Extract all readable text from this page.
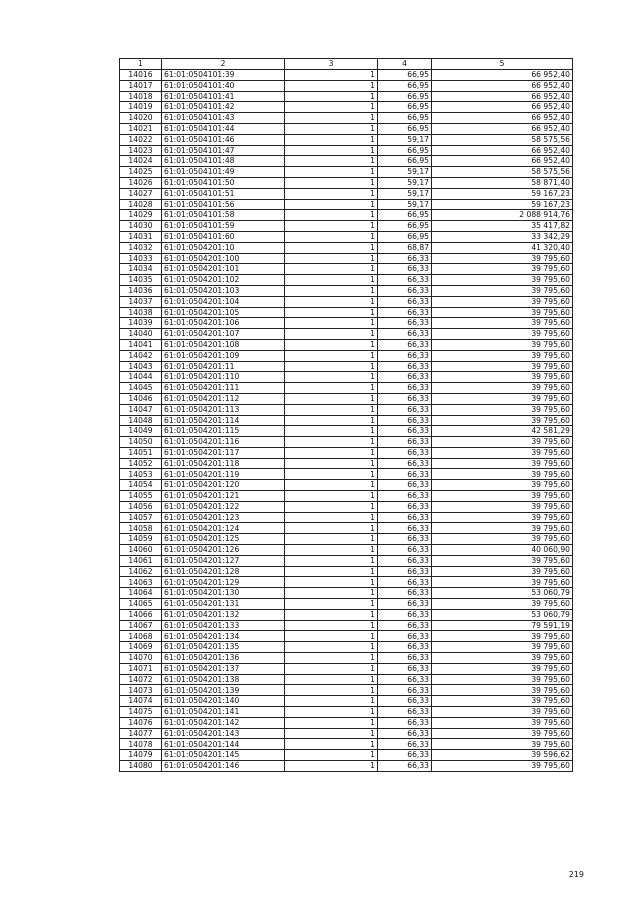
1	2	3	4	5
14016	61:01:0504101:39	1	66,95	66 952,40
14017	61:01:0504101:40	1	66,95	66 952,40
14018	61:01:0504101:41	1	66,95	66 952,40
14019	61:01:0504101:42	1	66,95	66 952,40
14020	61:01:0504101:43	1	66,95	66 952,40
14021	61:01:0504101:44	1	66,95	66 952,40
14022	61:01:0504101:46	1	59,17	58 575,56
14023	61:01:0504101:47	1	66,95	66 952,40
14024	61:01:0504101:48	1	66,95	66 952,40
14025	61:01:0504101:49	1	59,17	58 575,56
14026	61:01:0504101:50	1	59,17	58 871,40
14027	61:01:0504101:51	1	59,17	59 167,23
14028	61:01:0504101:56	1	59,17	59 167,23
14029	61:01:0504101:58	1	66,95	2 088 914,76
14030	61:01:0504101:59	1	66,95	35 417,82
14031	61:01:0504101:60	1	66,95	33 342,29
14032	61:01:0504201:10	1	68,87	41 320,40
14033	61:01:0504201:100	1	66,33	39 795,60
14034	61:01:0504201:101	1	66,33	39 795,60
14035	61:01:0504201:102	1	66,33	39 795,60
14036	61:01:0504201:103	1	66,33	39 795,60
14037	61:01:0504201:104	1	66,33	39 795,60
14038	61:01:0504201:105	1	66,33	39 795,60
14039	61:01:0504201:106	1	66,33	39 795,60
14040	61:01:0504201:107	1	66,33	39 795,60
14041	61:01:0504201:108	1	66,33	39 795,60
14042	61:01:0504201:109	1	66,33	39 795,60
14043	61:01:0504201:11	1	66,33	39 795,60
14044	61:01:0504201:110	1	66,33	39 795,60
14045	61:01:0504201:111	1	66,33	39 795,60
14046	61:01:0504201:112	1	66,33	39 795,60
14047	61:01:0504201:113	1	66,33	39 795,60
14048	61:01:0504201:114	1	66,33	39 795,60
14049	61:01:0504201:115	1	66,33	42 581,29
14050	61:01:0504201:116	1	66,33	39 795,60
14051	61:01:0504201:117	1	66,33	39 795,60
14052	61:01:0504201:118	1	66,33	39 795,60
14053	61:01:0504201:119	1	66,33	39 795,60
14054	61:01:0504201:120	1	66,33	39 795,60
14055	61:01:0504201:121	1	66,33	39 795,60
14056	61:01:0504201:122	1	66,33	39 795,60
14057	61:01:0504201:123	1	66,33	39 795,60
14058	61:01:0504201:124	1	66,33	39 795,60
14059	61:01:0504201:125	1	66,33	39 795,60
14060	61:01:0504201:126	1	66,33	40 060,90
14061	61:01:0504201:127	1	66,33	39 795,60
14062	61:01:0504201:128	1	66,33	39 795,60
14063	61:01:0504201:129	1	66,33	39 795,60
14064	61:01:0504201:130	1	66,33	53 060,79
14065	61:01:0504201:131	1	66,33	39 795,60
14066	61:01:0504201:132	1	66,33	53 060,79
14067	61:01:0504201:133	1	66,33	79 591,19
14068	61:01:0504201:134	1	66,33	39 795,60
14069	61:01:0504201:135	1	66,33	39 795,60
14070	61:01:0504201:136	1	66,33	39 795,60
14071	61:01:0504201:137	1	66,33	39 795,60
14072	61:01:0504201:138	1	66,33	39 795,60
14073	61:01:0504201:139	1	66,33	39 795,60
14074	61:01:0504201:140	1	66,33	39 795,60
14075	61:01:0504201:141	1	66,33	39 795,60
14076	61:01:0504201:142	1	66,33	39 795,60
14077	61:01:0504201:143	1	66,33	39 795,60
14078	61:01:0504201:144	1	66,33	39 795,60
14079	61:01:0504201:145	1	66,33	39 596,62
14080	61:01:0504201:146	1	66,33	39 795,60
219
